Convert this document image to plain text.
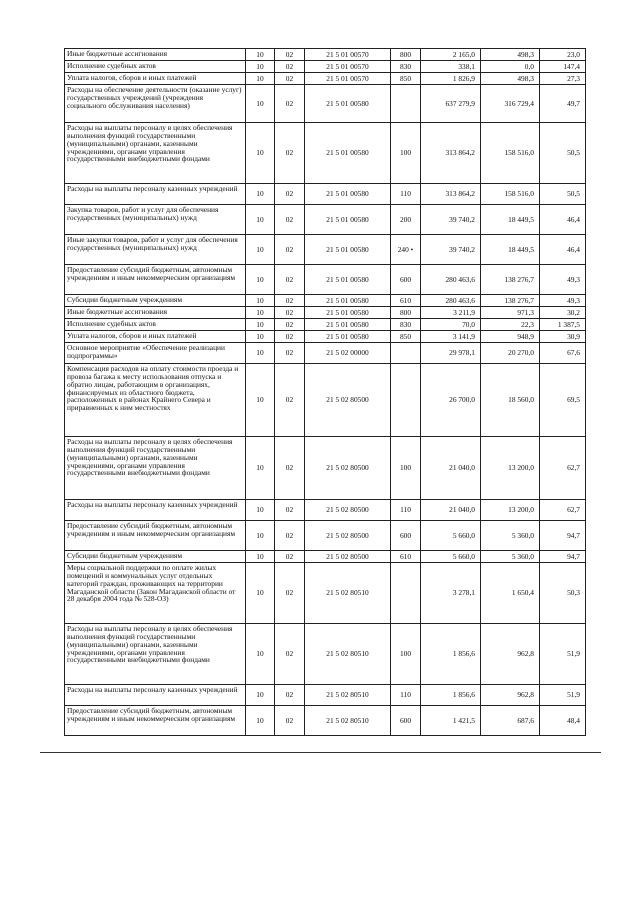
Иные бюджетные ассигнования	10	02	21 5 01 00570	800	2 165,0	498,3	23,0
Исполнение судебных актов	10	02	21 5 01 00570	830	338,1	0,0	147,4
Уплата налогов, сборов и иных платежей	10	02	21 5 01 00570	850	1 826,9	498,3	27,3
Расходы на обеспечение деятельности (оказание услуг) государственных учреждений (учреждения социального обслуживания населения)	10	02	21 5 01 00580		637 279,9	316 729,4	49,7
Расходы на выплаты персоналу в целях обеспечения выполнения функций государственными (муниципальными) органами, казенными учреждениями, органами управления государственными внебюджетными фондами	10	02	21 5 01 00580	100	313 864,2	158 516,0	50,5
Расходы на выплаты персоналу казенных учреждений	10	02	21 5 01 00580	110	313 864,2	158 516,0	50,5
Закупка товаров, работ и услуг для обеспечения государственных (муниципальных) нужд	10	02	21 5 01 00580	200	39 740,2	18 449,5	46,4
Иные закупки товаров, работ и услуг для обеспечения государственных (муниципальных) нужд	10	02	21 5 01 00580	240 •	39 740,2	18 449,5	46,4
Предоставление субсидий бюджетным, автономным учреждениям и иным некоммерческим организациям	10	02	21 5 01 00580	600	280 463,6	138 276,7	49,3
Субсидии бюджетным учреждениям	10	02	21 5 01 00580	610	280 463,6	138 276,7	49,3
Иные бюджетные ассигнования	10	02	21 5 01 00580	800	3 211,9	971,3	30,2
Исполнение судебных актов	10	02	21 5 01 00580	830	70,0	22,3	1 387,5
Уплата налогов, сборов и иных платежей	10	02	21 5 01 00580	850	3 141,9	948,9	30,9
Основное мероприятие «Обеспечение реализации подпрограммы»	10	02	21 5 02 00000		29 978,1	20 270,0	67,6
Компенсация расходов на оплату стоимости проезда и провоза багажа к месту использования отпуска и обратно лицам, работающим в организациях, финансируемых из областного бюджета, расположенных в районах Крайнего Севера и приравненных к ним местностях	10	02	21 5 02 80500		26 700,0	18 560,0	69,5
Расходы на выплаты персоналу в целях обеспечения выполнения функций государственными (муниципальными) органами, казенными учреждениями, органами управления государственными внебюджетными фондами	10	02	21 5 02 80500	100	21 040,0	13 200,0	62,7
Расходы на выплаты персоналу казенных учреждений	10	02	21 5 02 80500	110	21 040,0	13 200,0	62,7
Предоставление субсидий бюджетным, автономным учреждениям и иным некоммерческим организациям	10	02	21 5 02 80500	600	5 660,0	5 360,0	94,7
Субсидии бюджетным учреждениям	10	02	21 5 02 80500	610	5 660,0	5 360,0	94,7
Меры социальной поддержки по оплате жилых помещений и коммунальных услуг отдельных категорий граждан, проживающих на территории Магаданской области (Закон Магаданской области от 28 декабря 2004 года № 528-ОЗ)	10	02	21 5 02 80510		3 278,1	1 650,4	50,3
Расходы на выплаты персоналу в целях обеспечения выполнения функций государственными (муниципальными) органами, казенными учреждениями, органами управления государственными внебюджетными фондами	10	02	21 5 02 80510	100	1 856,6	962,8	51,9
Расходы на выплаты персоналу казенных учреждений	10	02	21 5 02 80510	110	1 856,6	962,8	51,9
Предоставление субсидий бюджетным, автономным учреждениям и иным некоммерческим организациям	10	02	21 5 02 80510	600	1 421,5	687,6	48,4
